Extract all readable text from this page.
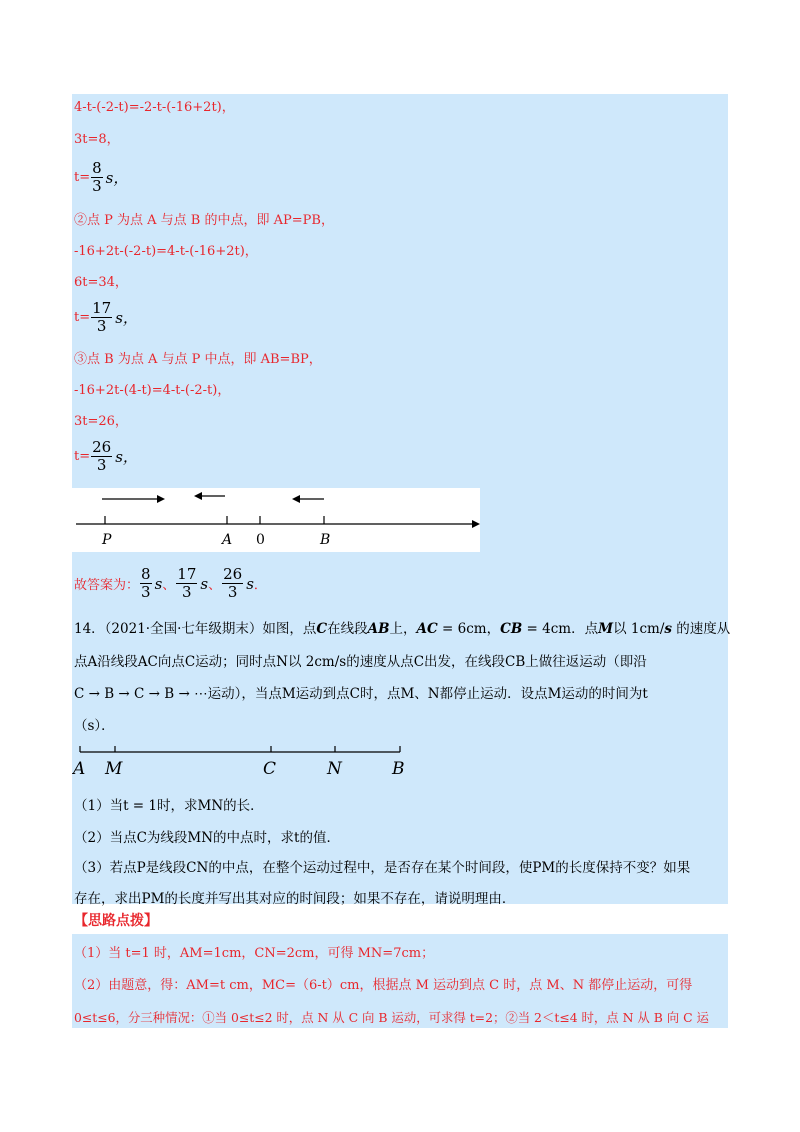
4-t-(-2-t)=-2-t-(-16+2t)，
3t=8，
$t= \frac{8}{3}$ s，
②点 P 为点 A 与点 B 的中点，即 AP=PB，
-16+2t-(-2-t)=4-t-(-16+2t)，
6t=34，
$t= \frac{17}{3}$ s，
③点 B 为点 A 与点 P 中点，即 AB=BP，
-16+2t-(4-t)=4-t-(-2-t)，
3t=26，
$t= \frac{26}{3}$ s，
P	A 0	B
故答案为： $\frac{8}{3}$ s 、 $\frac{17}{3}$ s 、 $\frac{26}{3}$ s ．
14．（2021·全国·七年级期末）如图，点C在线段AB上，AC = 6cm，CB = 4cm．点M以 1cm/s 的速度从
点A沿线段AC向点C运动；同时点N以 2cm/s的速度从点C出发，在线段CB上做往返运动（即沿
C → B → C → B → ⋯运动），当点M运动到点C时，点M、N都停止运动．设点M运动的时间为t
（s）．
A M	C	N	B
（1）当t = 1时，求MN的长．
（2）当点C为线段MN的中点时，求t的值．
（3）若点P是线段CN的中点，在整个运动过程中，是否存在某个时间段，使PM的长度保持不变？如果
存在，求出PM的长度并写出其对应的时间段；如果不存在，请说明理由．
【思路点拨】
（1）当 t=1 时，AM=1cm，CN=2cm，可得 MN=7cm；
（2）由题意，得：AM=t cm，MC=（6-t）cm，根据点 M 运动到点 C 时，点 M、N 都停止运动，可得
0≤t≤6，分三种情况：①当 0≤t≤2 时，点 N 从 C 向 B 运动，可求得 t=2；②当 2＜t≤4 时，点 N 从 B 向 C 运
